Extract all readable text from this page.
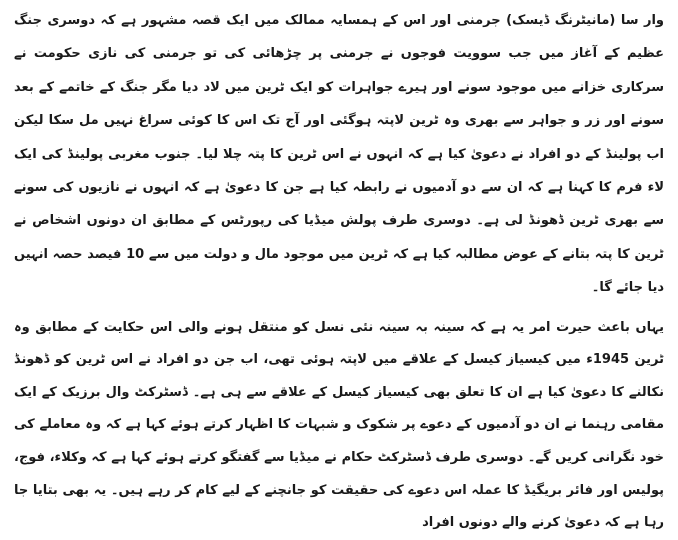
وار سا (مانیٹرنگ ڈیسک) جرمنی اور اس کے ہمسایہ ممالک میں ایک قصہ مشہور ہے کہ دوسری جنگ عظیم کے آغاز میں جب سوویت فوجوں نے جرمنی پر چڑھائی کی تو جرمنی کی نازی حکومت نے سرکاری خزانے میں موجود سونے اور ہیرے جواہرات کو ایک ٹرین میں لاد دیا مگر جنگ کے خاتمے کے بعد سونے اور زر و جواہر سے بھری وہ ٹرین لاپتہ ہوگئی اور آج تک اس کا کوئی سراغ نہیں مل سکا لیکن اب پولینڈ کے دو افراد نے دعویٰ کیا ہے کہ انہوں نے اس ٹرین کا پتہ چلا لیا۔ جنوب مغربی پولینڈ کی ایک لاء فرم کا کہنا ہے کہ ان سے دو آدمیوں نے رابطہ کیا ہے جن کا دعویٰ ہے کہ انہوں نے نازیوں کی سونے سے بھری ٹرین ڈھونڈ لی ہے۔ دوسری طرف پولش میڈیا کی رپورٹس کے مطابق ان دونوں اشخاص نے ٹرین کا پتہ بتانے کے عوض مطالبہ کیا ہے کہ ٹرین میں موجود مال و دولت میں سے 10 فیصد حصہ انہیں دیا جائے گا۔

یہاں باعث حیرت امر یہ ہے کہ سینہ بہ سینہ نئی نسل کو منتقل ہونے والی اس حکایت کے مطابق وہ ٹرین 1945ء میں کیسیاز کیسل کے علاقے میں لاپتہ ہوئی تھی، اب جن دو افراد نے اس ٹرین کو ڈھونڈ نکالنے کا دعویٰ کیا ہے ان کا تعلق بھی کیسیاز کیسل کے علاقے سے ہی ہے۔ ڈسٹرکٹ وال برزیک کے ایک مقامی رہنما نے ان دو آدمیوں کے دعوے پر شکوک و شبہات کا اظہار کرتے ہوئے کہا ہے کہ وہ معاملے کی خود نگرانی کریں گے۔ دوسری طرف ڈسٹرکٹ حکام نے میڈیا سے گفتگو کرتے ہوئے کہا ہے کہ وکلاء، فوج، پولیس اور فائر بریگیڈ کا عملہ اس دعوے کی حقیقت کو جانچنے کے لیے کام کر رہے ہیں۔ یہ بھی بتایا جا رہا ہے کہ دعویٰ کرنے والے دونوں افراد
